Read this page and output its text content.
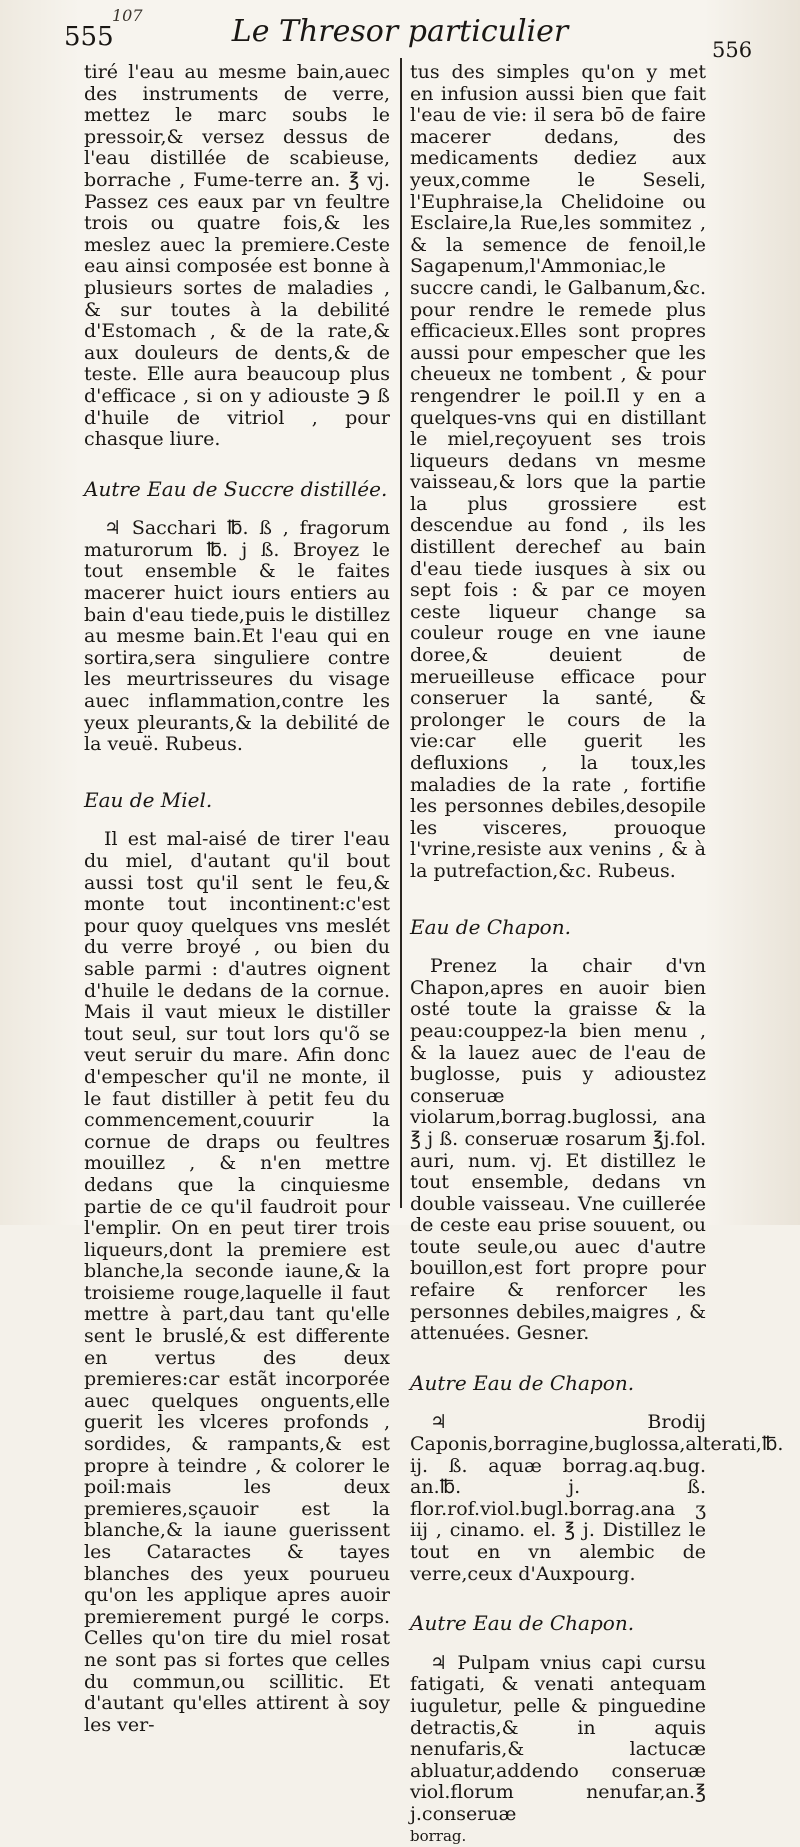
555
107	Le Thresor particulier
556

tiré l'eau au mesme bain,auec des instruments de verre, mettez le marc soubs le pressoir,& versez dessus de l'eau distillée de scabieuse, borrache , Fume-terre an. ℥ vj. Passez ces eaux par vn feultre trois ou quatre fois,& les meslez auec la premiere.Ceste eau ainsi composée est bonne à plusieurs sortes de maladies , & sur toutes à la debilité d'Estomach , & de la rate,& aux douleurs de dents,& de teste. Elle aura beaucoup plus d'efficace , si on y adiouste ℈ ß d'huile de vitriol , pour chasque liure.

Autre Eau de Succre distillée.

♃ Sacchari ℔. ß , fragorum maturorum ℔. j ß. Broyez le tout ensemble & le faites macerer huict iours entiers au bain d'eau tiede,puis le distillez au mesme bain.Et l'eau qui en sortira,sera singuliere contre les meurtrisseures du visage auec inflammation,contre les yeux pleurants,& la debilité de la veuë. Rubeus.

Eau de Miel.

Il est mal-aisé de tirer l'eau du miel, d'autant qu'il bout aussi tost qu'il sent le feu,& monte tout incontinent:c'est pour quoy quelques vns meslét du verre broyé , ou bien du sable parmi : d'autres oignent d'huile le dedans de la cornue. Mais il vaut mieux le distiller tout seul, sur tout lors qu'õ se veut seruir du mare. Afin donc d'empescher qu'il ne monte, il le faut distiller à petit feu du commencement,couurir la cornue de draps ou feultres mouillez , & n'en mettre dedans que la cinquiesme partie de ce qu'il faudroit pour l'emplir. On en peut tirer trois liqueurs,dont la premiere est blanche,la seconde iaune,& la troisieme rouge,laquelle il faut mettre à part,dau tant qu'elle sent le bruslé,& est differente en vertus des deux premieres:car estãt incorporée auec quelques onguents,elle guerit les vlceres profonds , sordides, & rampants,& est propre à teindre , & colorer le poil:mais les deux premieres,sçauoir est la blanche,& la iaune guerissent les Cataractes & tayes blanches des yeux pourueu qu'on les applique apres auoir premierement purgé le corps. Celles qu'on tire du miel rosat ne sont pas si fortes que celles du commun,ou scillitic. Et d'autant qu'elles attirent à soy les ver-

tus des simples qu'on y met en infusion aussi bien que fait l'eau de vie: il sera bō de faire macerer dedans, des medicaments dediez aux yeux,comme le Seseli, l'Euphraise,la Chelidoine ou Esclaire,la Rue,les sommitez , & la semence de fenoil,le Sagapenum,l'Ammoniac,le succre candi, le Galbanum,&c. pour rendre le remede plus efficacieux.Elles sont propres aussi pour empescher que les cheueux ne tombent , & pour rengendrer le poil.Il y en a quelques-vns qui en distillant le miel,reçoyuent ses trois liqueurs dedans vn mesme vaisseau,& lors que la partie la plus grossiere est descendue au fond , ils les distillent derechef au bain d'eau tiede iusques à six ou sept fois : & par ce moyen ceste liqueur change sa couleur rouge en vne iaune doree,& deuient de merueilleuse efficace pour conseruer la santé, & prolonger le cours de la vie:car elle guerit les defluxions , la toux,les maladies de la rate , fortifie les personnes debiles,desopile les visceres, prouoque l'vrine,resiste aux venins , & à la putrefaction,&c. Rubeus.

Eau de Chapon.

Prenez la chair d'vn Chapon,apres en auoir bien osté toute la graisse & la peau:couppez-la bien menu , & la lauez auec de l'eau de buglosse, puis y adioustez conseruæ violarum,borrag.buglossi, ana ℥ j ß. conseruæ rosarum ℥j.fol. auri, num. vj. Et distillez le tout ensemble, dedans vn double vaisseau. Vne cuillerée de ceste eau prise souuent, ou toute seule,ou auec d'autre bouillon,est fort propre pour refaire & renforcer les personnes debiles,maigres , & attenuées. Gesner.

Autre Eau de Chapon.

♃ Brodij Caponis,borragine,buglossa,alterati,℔. ij. ß. aquæ borrag.aq.bug. an.℔. j. ß. flor.rof.viol.bugl.borrag.ana ʒ iij , cinamo. el. ℥ j. Distillez le tout en vn alembic de verre,ceux d'Auxpourg.

Autre Eau de Chapon.

♃ Pulpam vnius capi cursu fatigati, & venati antequam iuguletur, pelle & pinguedine detractis,& in aquis nenufaris,& lactucæ abluatur,addendo conseruæ viol.florum nenufar,an.℥ j.conseruæ

borrag.
